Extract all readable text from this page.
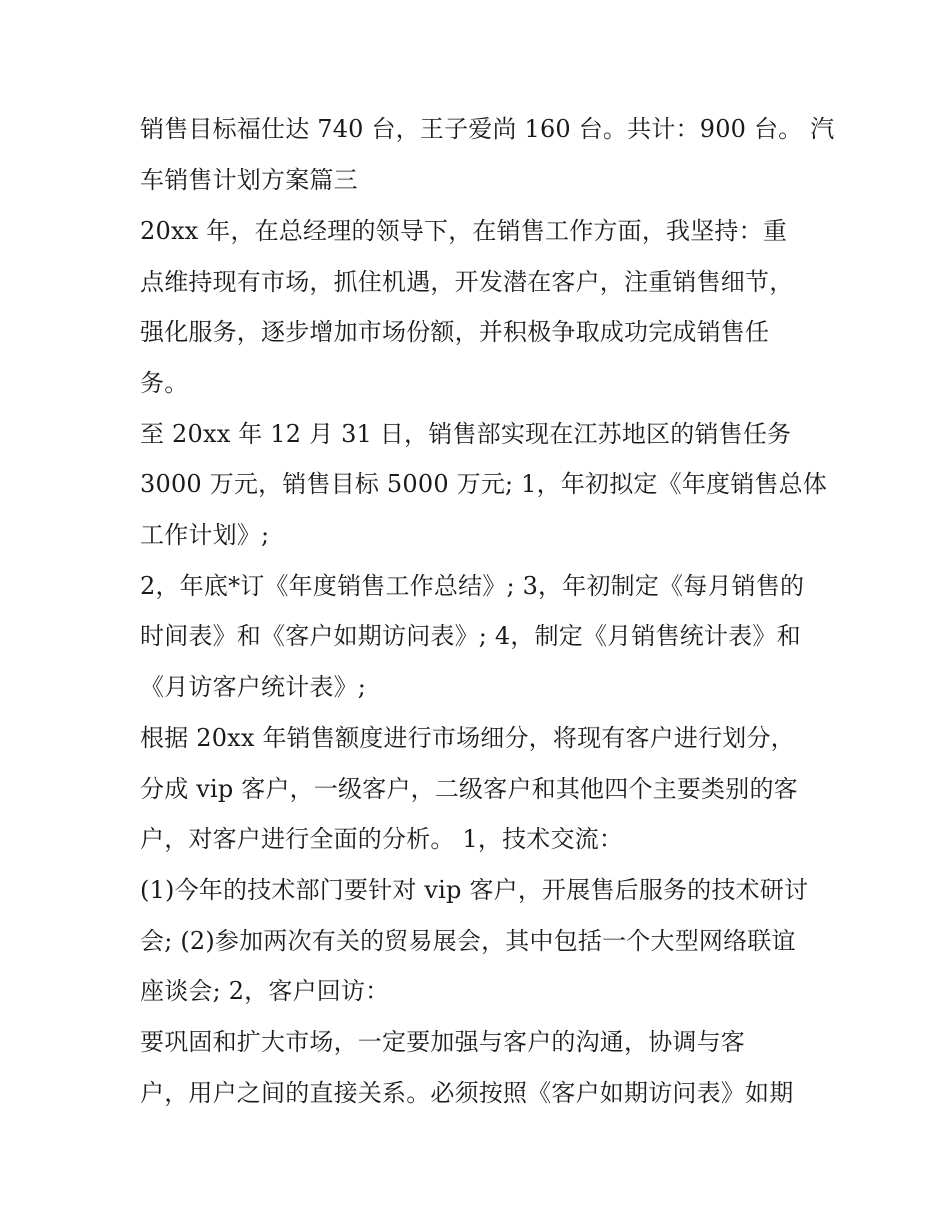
销售目标福仕达 740 台，王子爱尚 160 台。共计：900 台。 汽
车销售计划方案篇三
20xx 年，在总经理的领导下，在销售工作方面，我坚持：重
点维持现有市场，抓住机遇，开发潜在客户，注重销售细节，
强化服务，逐步增加市场份额，并积极争取成功完成销售任
务。
至 20xx 年 12 月 31 日，销售部实现在江苏地区的销售任务
3000 万元，销售目标 5000 万元; 1，年初拟定《年度销售总体
工作计划》;
2，年底*订《年度销售工作总结》; 3，年初制定《每月销售的
时间表》和《客户如期访问表》; 4，制定《月销售统计表》和
《月访客户统计表》;
根据 20xx 年销售额度进行市场细分，将现有客户进行划分，
分成 vip 客户，一级客户，二级客户和其他四个主要类别的客
户，对客户进行全面的分析。 1，技术交流：
(1)今年的技术部门要针对 vip 客户，开展售后服务的技术研讨
会; (2)参加两次有关的贸易展会，其中包括一个大型网络联谊
座谈会; 2，客户回访：
要巩固和扩大市场，一定要加强与客户的沟通，协调与客
户，用户之间的直接关系。必须按照《客户如期访问表》如期
